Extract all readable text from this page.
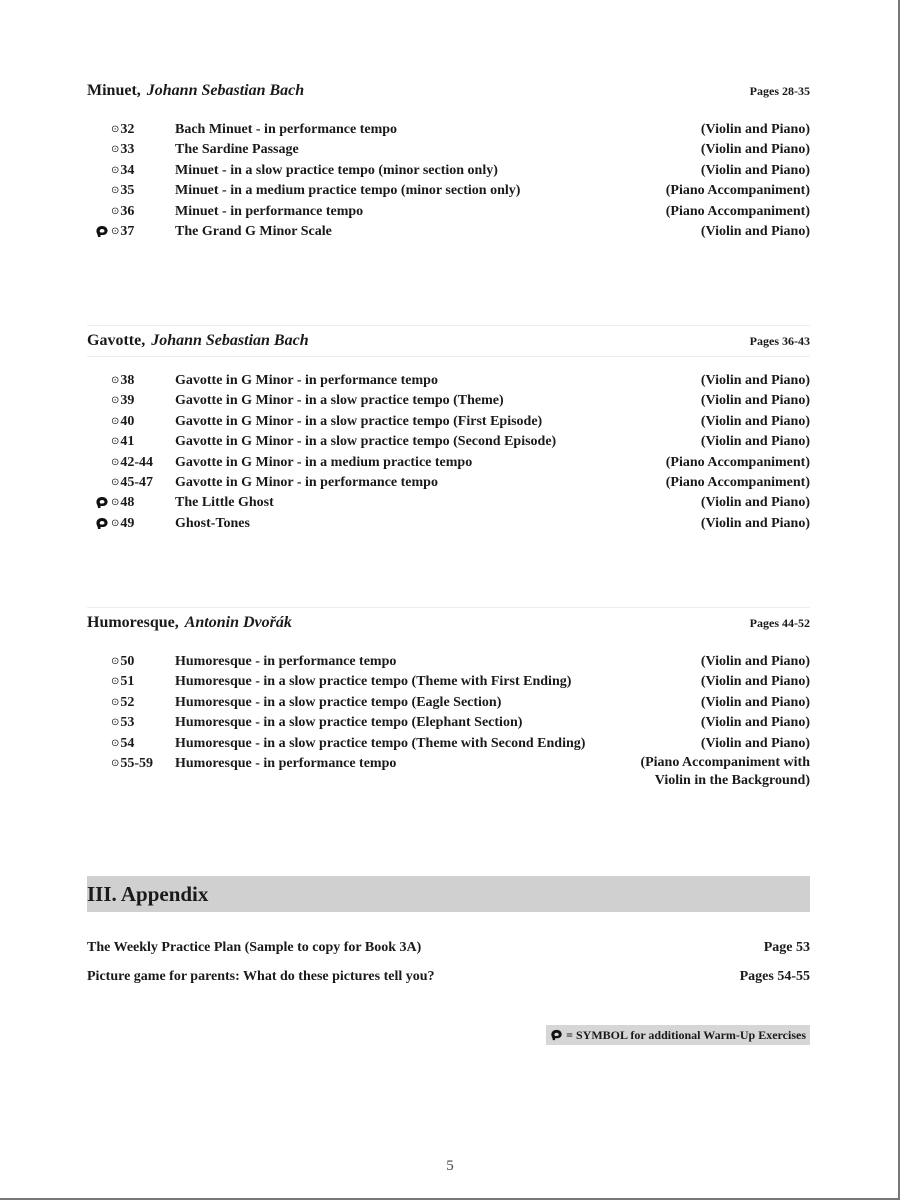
Minuet, Johann Sebastian Bach	Pages 28-35
⊙32	Bach Minuet - in performance tempo	(Violin and Piano)
⊙33	The Sardine Passage	(Violin and Piano)
⊙34	Minuet - in a slow practice tempo (minor section only)	(Violin and Piano)
⊙35	Minuet - in a medium practice tempo (minor section only)	(Piano Accompaniment)
⊙36	Minuet - in performance tempo	(Piano Accompaniment)
⊙37	The Grand G Minor Scale	(Violin and Piano)
Gavotte, Johann Sebastian Bach	Pages 36-43
⊙38	Gavotte in G Minor - in performance tempo	(Violin and Piano)
⊙39	Gavotte in G Minor - in a slow practice tempo (Theme)	(Violin and Piano)
⊙40	Gavotte in G Minor - in a slow practice tempo (First Episode)	(Violin and Piano)
⊙41	Gavotte in G Minor - in a slow practice tempo (Second Episode)	(Violin and Piano)
⊙42-44	Gavotte in G Minor - in a medium practice tempo	(Piano Accompaniment)
⊙45-47	Gavotte in G Minor - in performance tempo	(Piano Accompaniment)
⊙48	The Little Ghost	(Violin and Piano)
⊙49	Ghost-Tones	(Violin and Piano)
Humoresque, Antonin Dvořák	Pages 44-52
⊙50	Humoresque - in performance tempo	(Violin and Piano)
⊙51	Humoresque - in a slow practice tempo (Theme with First Ending)	(Violin and Piano)
⊙52	Humoresque - in a slow practice tempo (Eagle Section)	(Violin and Piano)
⊙53	Humoresque - in a slow practice tempo (Elephant Section)	(Violin and Piano)
⊙54	Humoresque - in a slow practice tempo (Theme with Second Ending)	(Violin and Piano)
⊙55-59	Humoresque - in performance tempo	(Piano Accompaniment with
Violin in the Background)
III. Appendix
The Weekly Practice Plan (Sample to copy for Book 3A)	Page 53
Picture game for parents: What do these pictures tell you?	Pages 54-55
= SYMBOL for additional Warm-Up Exercises
5
